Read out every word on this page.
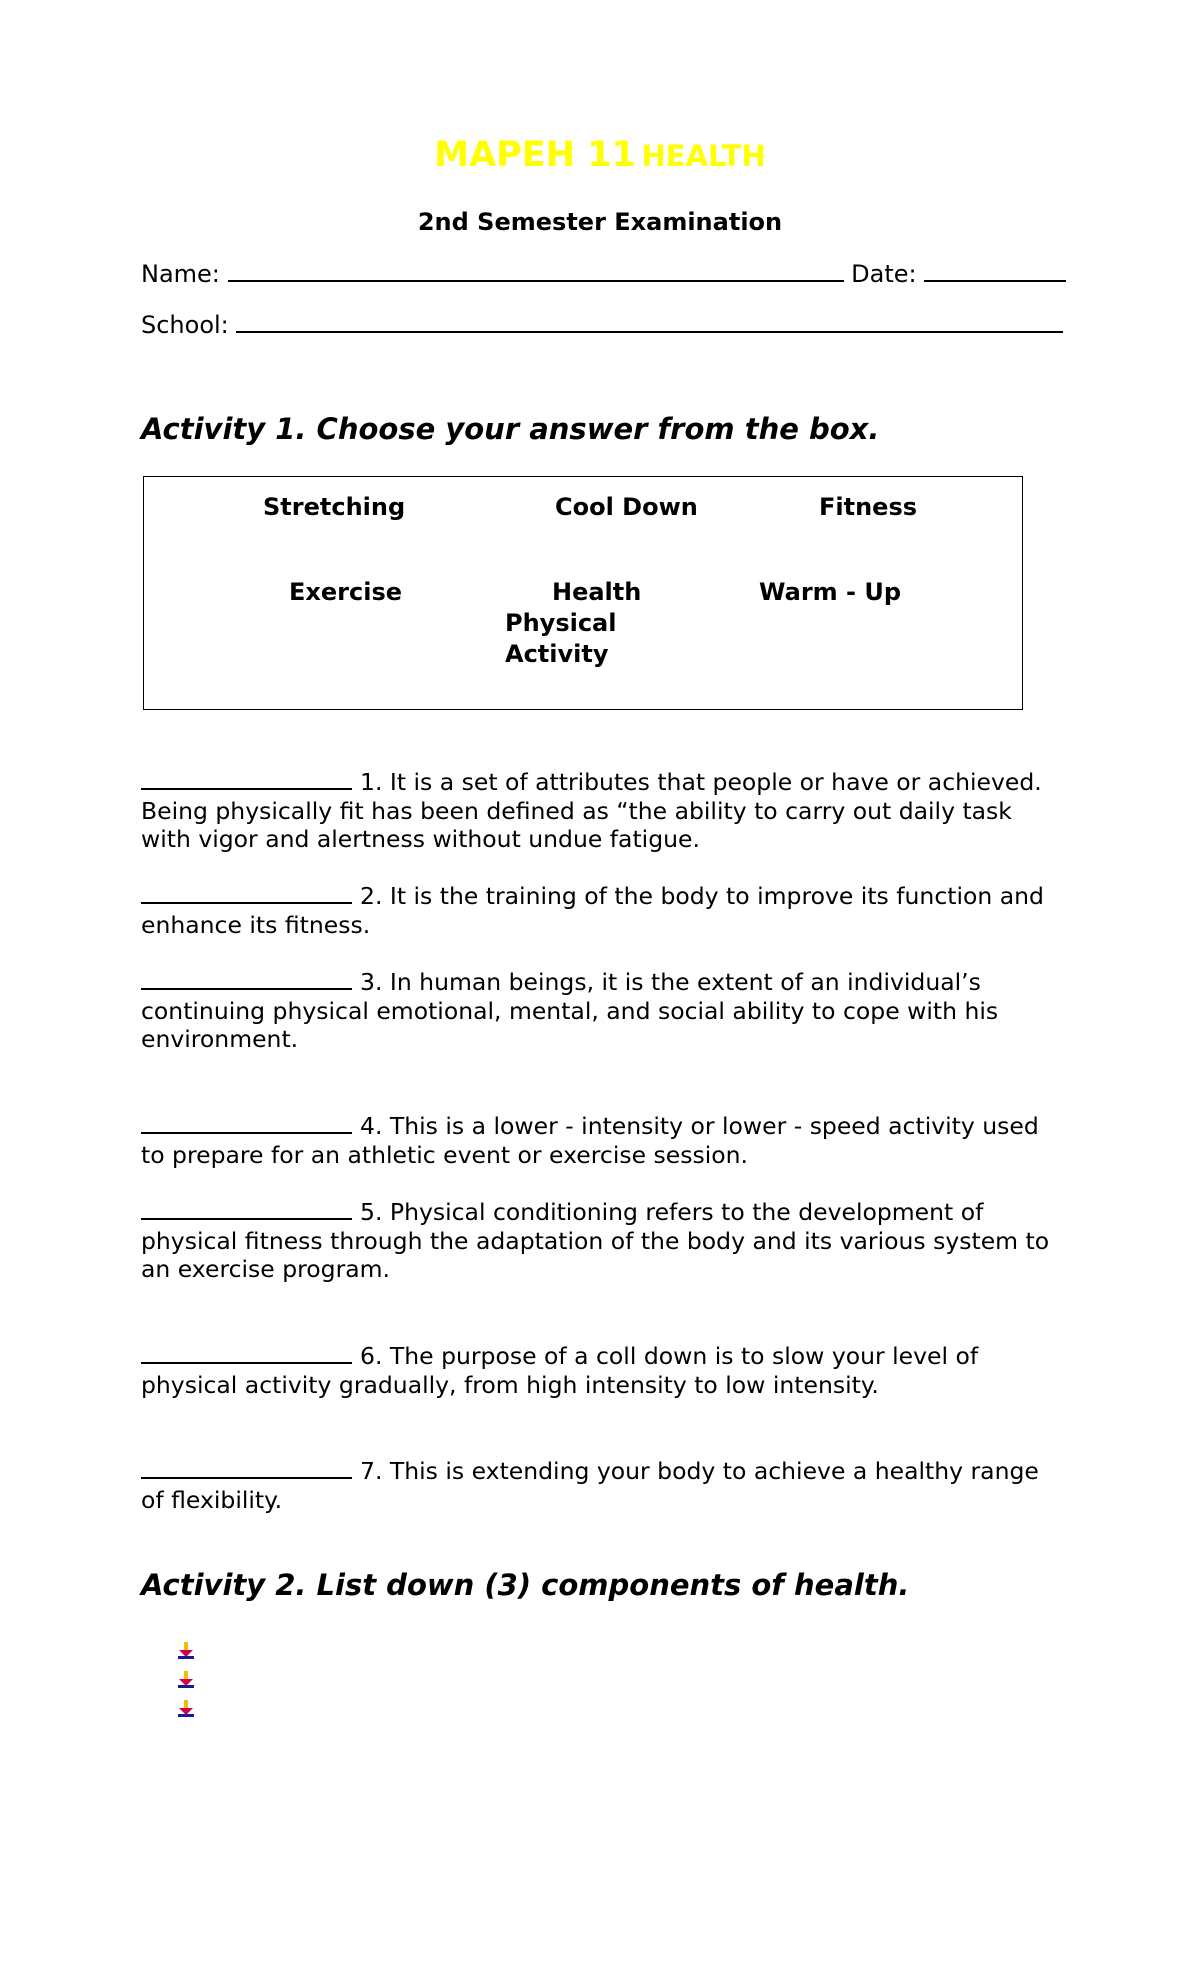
MAPEH 11 HEALTH
2nd Semester Examination
Name:	Date:
School:
Activity 1. Choose your answer from the box.
Stretching	Cool Down	Fitness
Exercise	Health	Warm - Up
Physical
Activity
1. It is a set of attributes that people or have or achieved. Being physically fit has been defined as “the ability to carry out daily task with vigor and alertness without undue fatigue.
2. It is the training of the body to improve its function and enhance its fitness.
3. In human beings, it is the extent of an individual’s continuing physical emotional, mental, and social ability to cope with his environment.
4. This is a lower - intensity or lower - speed activity used to prepare for an athletic event or exercise session.
5. Physical conditioning refers to the development of physical fitness through the adaptation of the body and its various system to an exercise program.
6. The purpose of a coll down is to slow your level of physical activity gradually, from high intensity to low intensity.
7. This is extending your body to achieve a healthy range of flexibility.
Activity 2. List down (3) components of health.
